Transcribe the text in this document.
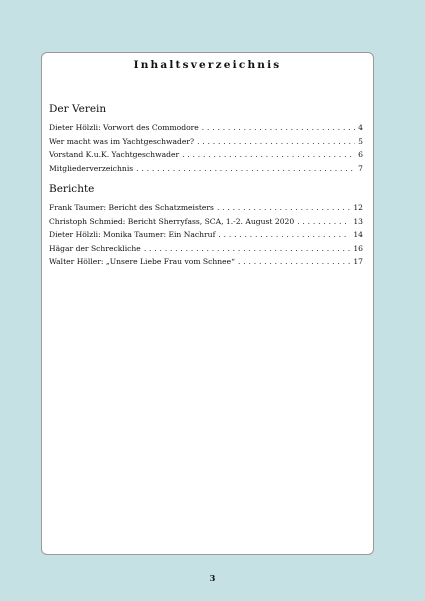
Inhaltsverzeichnis
Der Verein
Dieter Hölzli: Vorwort des Commodore . . .	4
Wer macht was im Yachtgeschwader? . . .	5
Vorstand K.u.K. Yachtgeschwader . . .	6
Mitgliederverzeichnis . . .	7
Berichte
Frank Taumer: Bericht des Schatzmeisters . . .	12
Christoph Schmied: Bericht Sherryfass, SCA, 1.-2. August 2020 . . .	13
Dieter Hölzli: Monika Taumer: Ein Nachruf . . .	14
Hägar der Schreckliche . . .	16
Walter Höller: „Unsere Liebe Frau vom Schnee“ . . .	17
3
